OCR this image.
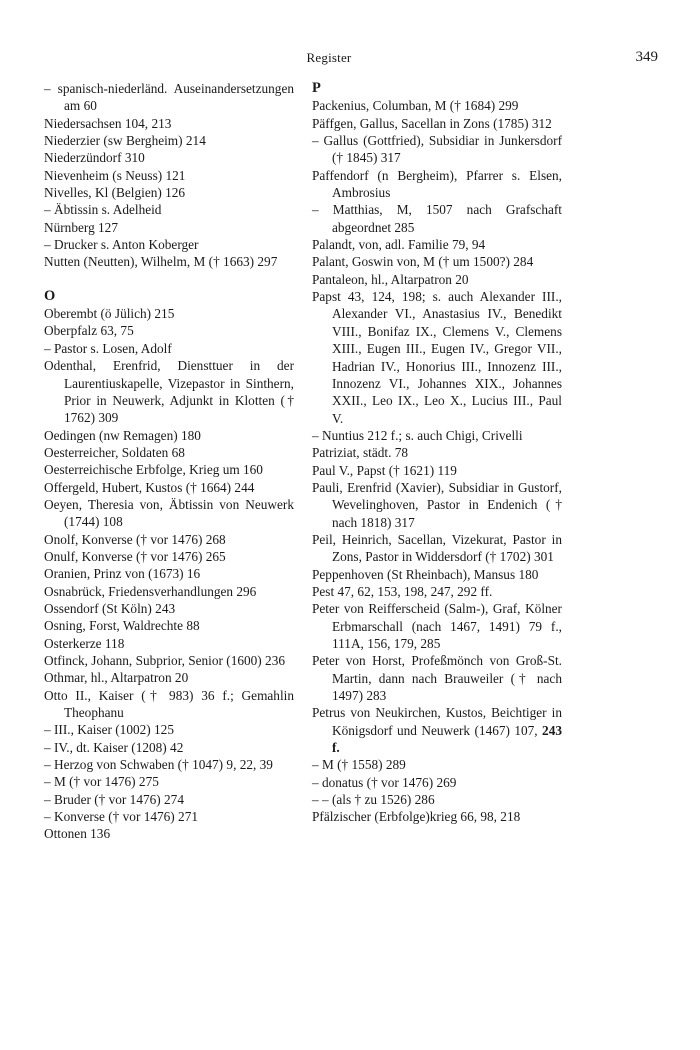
Register	349
– spanisch-niederländ. Auseinandersetzungen am 60
Niedersachsen 104, 213
Niederzier (sw Bergheim) 214
Niederzündorf 310
Nievenheim (s Neuss) 121
Nivelles, Kl (Belgien) 126
– Äbtissin s. Adelheid
Nürnberg 127
– Drucker s. Anton Koberger
Nutten (Neutten), Wilhelm, M († 1663) 297
O
Oberembt (ö Jülich) 215
Oberpfalz 63, 75
– Pastor s. Losen, Adolf
Odenthal, Erenfrid, Diensttuer in der Laurentiuskapelle, Vizepastor in Sinthern, Prior in Neuwerk, Adjunkt in Klotten († 1762) 309
Oedingen (nw Remagen) 180
Oesterreicher, Soldaten 68
Oesterreichische Erbfolge, Krieg um 160
Offergeld, Hubert, Kustos († 1664) 244
Oeyen, Theresia von, Äbtissin von Neuwerk (1744) 108
Onolf, Konverse († vor 1476) 268
Onulf, Konverse († vor 1476) 265
Oranien, Prinz von (1673) 16
Osnabrück, Friedensverhandlungen 296
Ossendorf (St Köln) 243
Osning, Forst, Waldrechte 88
Osterkerze 118
Otfinck, Johann, Subprior, Senior (1600) 236
Othmar, hl., Altarpatron 20
Otto II., Kaiser († 983) 36 f.; Gemahlin Theophanu
– III., Kaiser (1002) 125
– IV., dt. Kaiser (1208) 42
– Herzog von Schwaben († 1047) 9, 22, 39
– M († vor 1476) 275
– Bruder († vor 1476) 274
– Konverse († vor 1476) 271
Ottonen 136
P
Packenius, Columban, M († 1684) 299
Päffgen, Gallus, Sacellan in Zons (1785) 312
– Gallus (Gottfried), Subsidiar in Junkersdorf († 1845) 317
Paffendorf (n Bergheim), Pfarrer s. Elsen, Ambrosius
– Matthias, M, 1507 nach Grafschaft abgeordnet 285
Palandt, von, adl. Familie 79, 94
Palant, Goswin von, M († um 1500?) 284
Pantaleon, hl., Altarpatron 20
Papst 43, 124, 198; s. auch Alexander III., Alexander VI., Anastasius IV., Benedikt VIII., Bonifaz IX., Clemens V., Clemens XIII., Eugen III., Eugen IV., Gregor VII., Hadrian IV., Honorius III., Innozenz III., Innozenz VI., Johannes XIX., Johannes XXII., Leo IX., Leo X., Lucius III., Paul V.
– Nuntius 212 f.; s. auch Chigi, Crivelli
Patriziat, städt. 78
Paul V., Papst († 1621) 119
Pauli, Erenfrid (Xavier), Subsidiar in Gustorf, Wevelinghoven, Pastor in Endenich († nach 1818) 317
Peil, Heinrich, Sacellan, Vizekurat, Pastor in Zons, Pastor in Widdersdorf († 1702) 301
Peppenhoven (St Rheinbach), Mansus 180
Pest 47, 62, 153, 198, 247, 292 ff.
Peter von Reifferscheid (Salm-), Graf, Kölner Erbmarschall (nach 1467, 1491) 79 f., 111A, 156, 179, 285
Peter von Horst, Profeßmönch von Groß-St. Martin, dann nach Brauweiler († nach 1497) 283
Petrus von Neukirchen, Kustos, Beichtiger in Königsdorf und Neuwerk (1467) 107, 243 f.
– M († 1558) 289
– donatus († vor 1476) 269
– – (als † zu 1526) 286
Pfälzischer (Erbfolge)krieg 66, 98, 218
